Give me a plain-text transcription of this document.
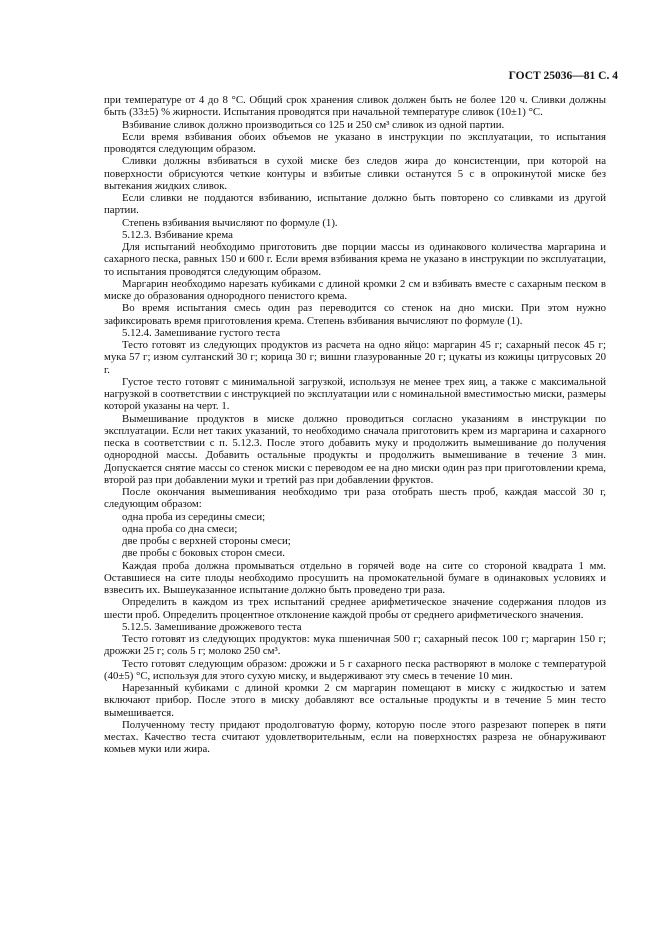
ГОСТ 25036—81 С. 4

при температуре от 4 до 8 °С. Общий срок хранения сливок должен быть не более 120 ч. Сливки должны быть (33±5) % жирности. Испытания проводятся при начальной температуре сливок (10±1) °С.

Взбивание сливок должно производиться со 125 и 250 см³ сливок из одной партии.

Если время взбивания обоих объемов не указано в инструкции по эксплуатации, то испытания проводятся следующим образом.

Сливки должны взбиваться в сухой миске без следов жира до консистенции, при которой на поверхности обрисуются четкие контуры и взбитые сливки останутся 5 с в опрокинутой миске без вытекания жидких сливок.

Если сливки не поддаются взбиванию, испытание должно быть повторено со сливками из другой партии.

Степень взбивания вычисляют по формуле (1).

5.12.3. Взбивание крема

Для испытаний необходимо приготовить две порции массы из одинакового количества маргарина и сахарного песка, равных 150 и 600 г. Если время взбивания крема не указано в инструкции по эксплуатации, то испытания проводятся следующим образом.

Маргарин необходимо нарезать кубиками с длиной кромки 2 см и взбивать вместе с сахарным песком в миске до образования однородного пенистого крема.

Во время испытания смесь один раз переводится со стенок на дно миски. При этом нужно зафиксировать время приготовления крема. Степень взбивания вычисляют по формуле (1).

5.12.4. Замешивание густого теста

Тесто готовят из следующих продуктов из расчета на одно яйцо: маргарин 45 г; сахарный песок 45 г; мука 57 г; изюм султанский 30 г; корица 30 г; вишни глазурованные 20 г; цукаты из кожицы цитрусовых 20 г.

Густое тесто готовят с минимальной загрузкой, используя не менее трех яиц, а также с максимальной нагрузкой в соответствии с инструкцией по эксплуатации или с номинальной вместимостью миски, размеры которой указаны на черт. 1.

Вымешивание продуктов в миске должно проводиться согласно указаниям в инструкции по эксплуатации. Если нет таких указаний, то необходимо сначала приготовить крем из маргарина и сахарного песка в соответствии с п. 5.12.3. После этого добавить муку и продолжить вымешивание до получения однородной массы. Добавить остальные продукты и продолжить вымешивание в течение 3 мин. Допускается снятие массы со стенок миски с переводом ее на дно миски один раз при приготовлении крема, второй раз при добавлении муки и третий раз при добавлении фруктов.

После окончания вымешивания необходимо три раза отобрать шесть проб, каждая массой 30 г, следующим образом:

одна проба из середины смеси;

одна проба со дна смеси;

две пробы с верхней стороны смеси;

две пробы с боковых сторон смеси.

Каждая проба должна промываться отдельно в горячей воде на сите со стороной квадрата 1 мм. Оставшиеся на сите плоды необходимо просушить на промокательной бумаге в одинаковых условиях и взвесить их. Вышеуказанное испытание должно быть проведено три раза.

Определить в каждом из трех испытаний среднее арифметическое значение содержания плодов из шести проб. Определить процентное отклонение каждой пробы от среднего арифметического значения.

5.12.5. Замешивание дрожжевого теста

Тесто готовят из следующих продуктов: мука пшеничная 500 г; сахарный песок 100 г; маргарин 150 г; дрожжи 25 г; соль 5 г; молоко 250 см³.

Тесто готовят следующим образом: дрожжи и 5 г сахарного песка растворяют в молоке с температурой (40±5) °С, используя для этого сухую миску, и выдерживают эту смесь в течение 10 мин.

Нарезанный кубиками с длиной кромки 2 см маргарин помещают в миску с жидкостью и затем включают прибор. После этого в миску добавляют все остальные продукты и в течение 5 мин тесто вымешивается.

Полученному тесту придают продолговатую форму, которую после этого разрезают поперек в пяти местах. Качество теста считают удовлетворительным, если на поверхностях разреза не обнаруживают комьев муки или жира.
